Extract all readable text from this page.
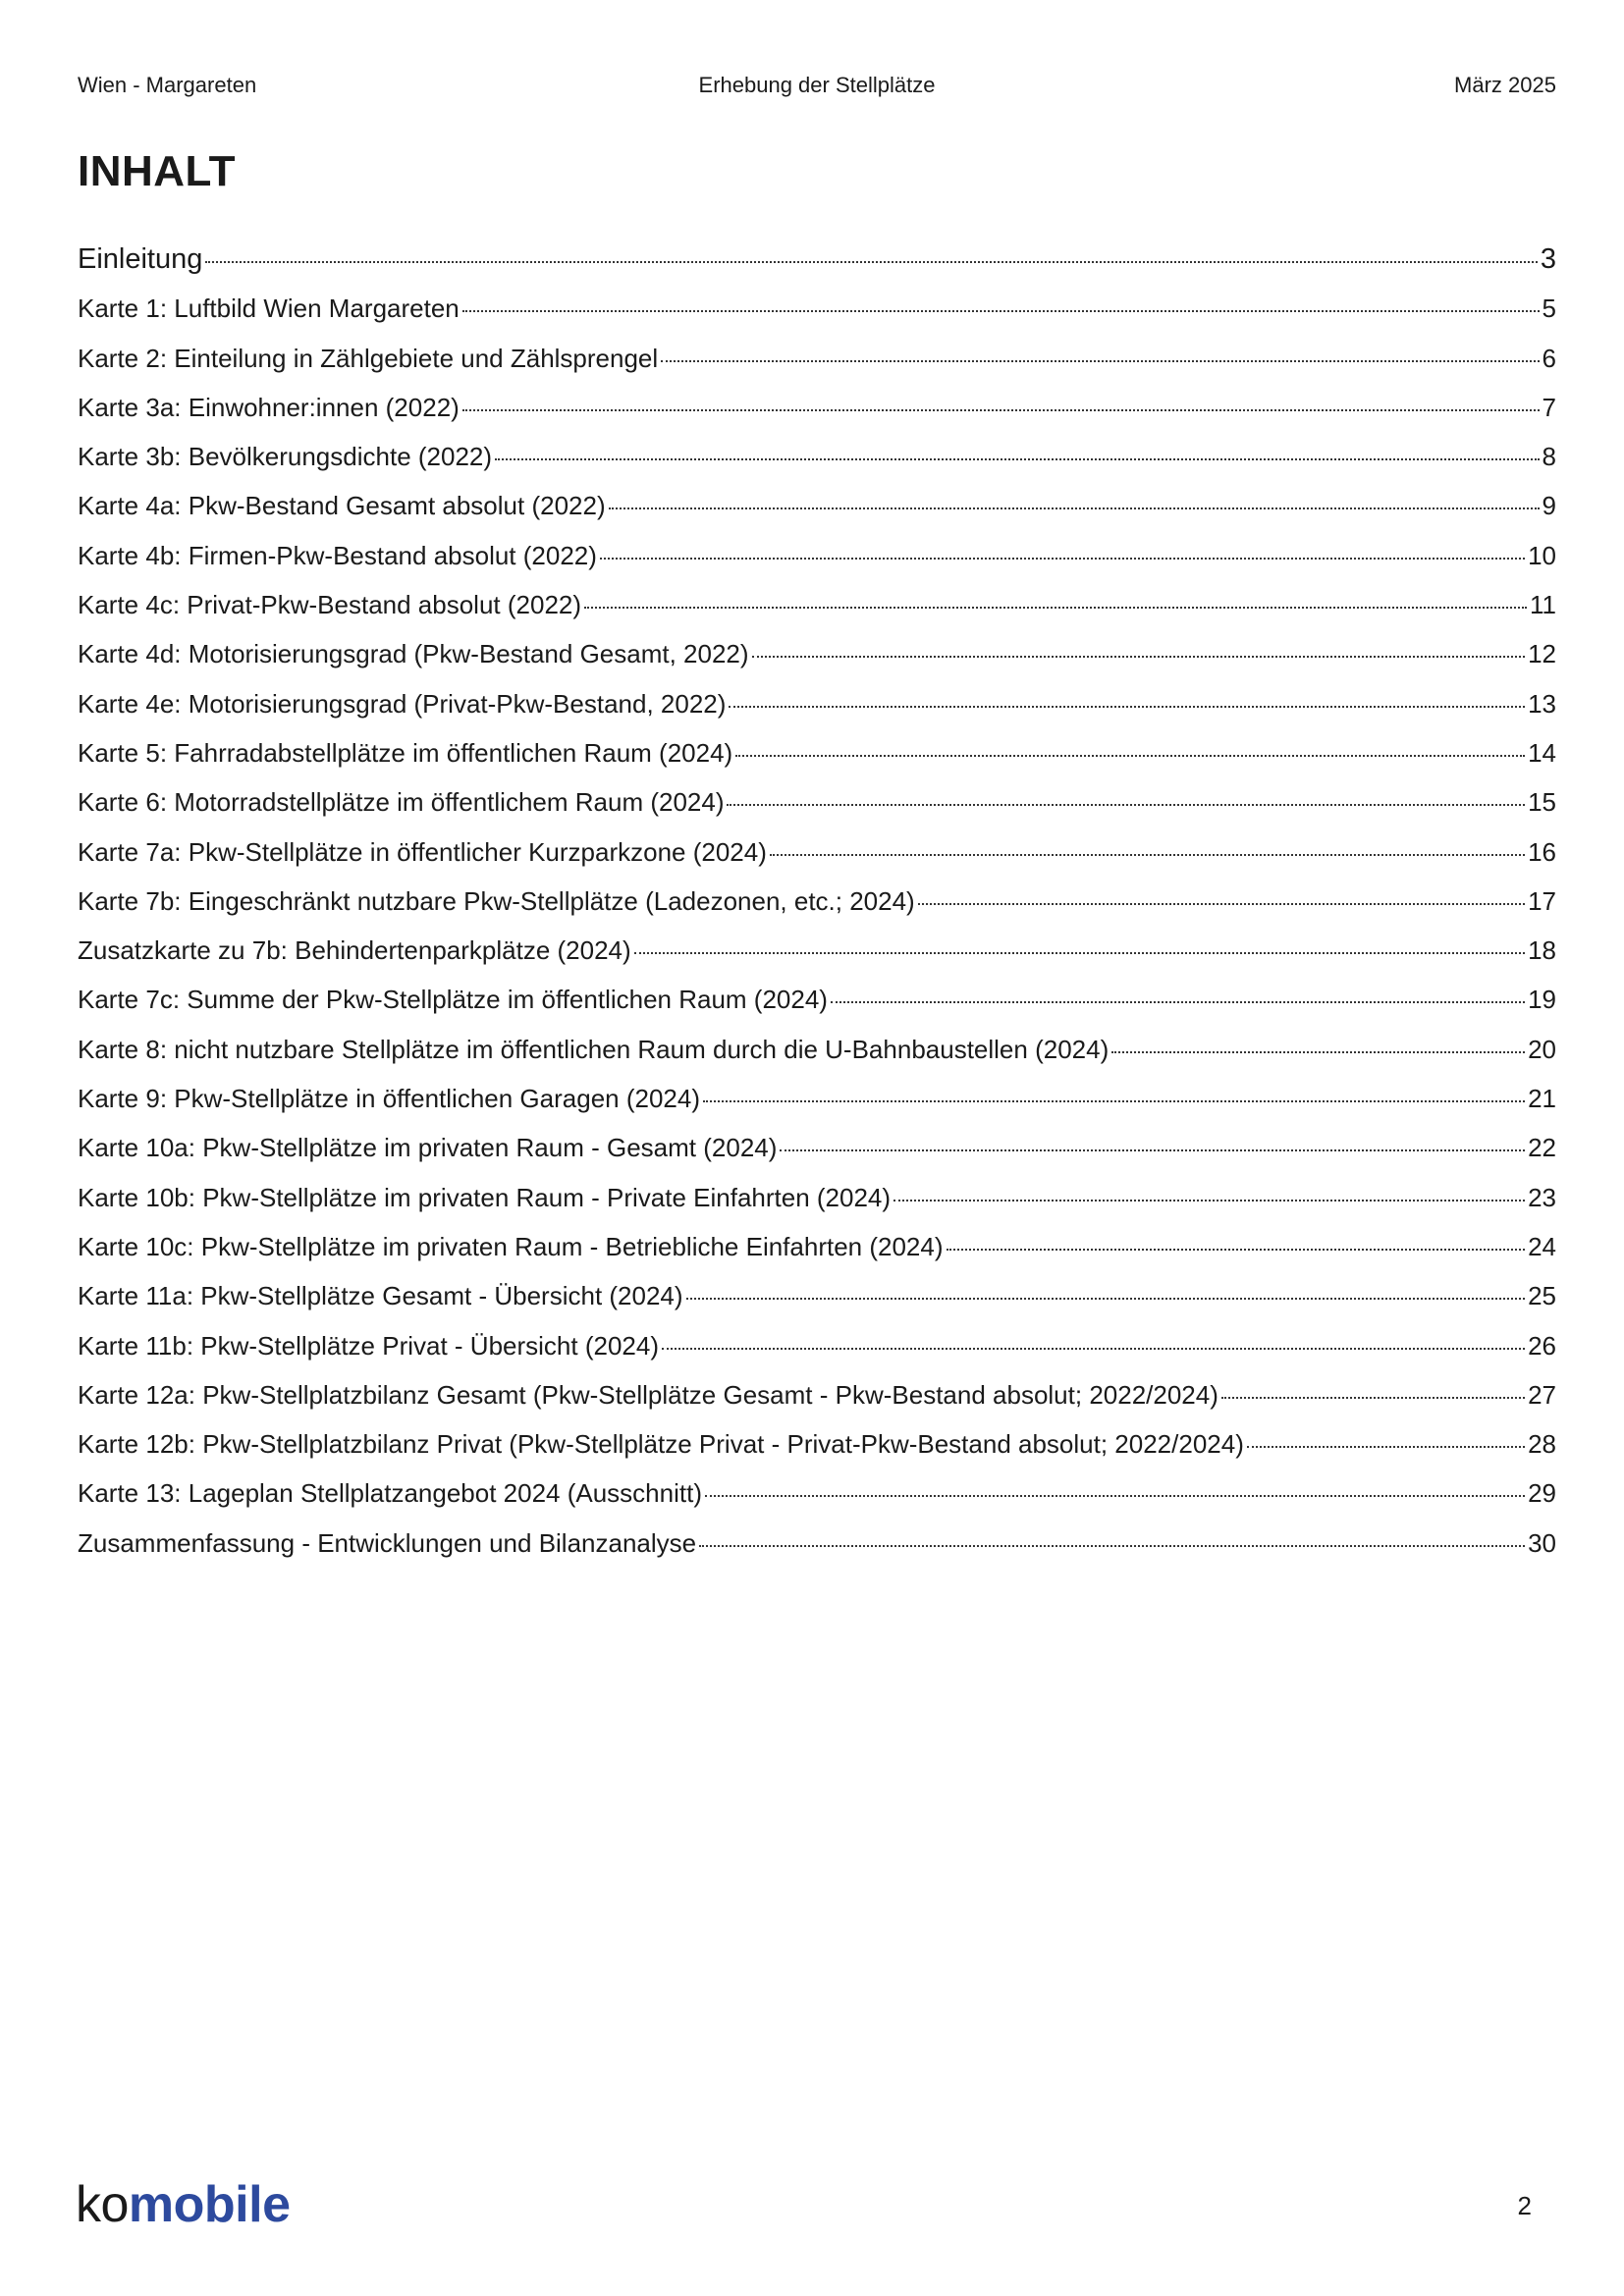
Wien - Margareten	Erhebung der Stellplätze	März 2025
INHALT
Einleitung	3
Karte 1: Luftbild Wien Margareten	5
Karte 2: Einteilung in Zählgebiete und Zählsprengel	6
Karte 3a: Einwohner:innen (2022)	7
Karte 3b: Bevölkerungsdichte (2022)	8
Karte 4a: Pkw-Bestand Gesamt absolut (2022)	9
Karte 4b: Firmen-Pkw-Bestand absolut (2022)	10
Karte 4c: Privat-Pkw-Bestand absolut (2022)	11
Karte 4d: Motorisierungsgrad (Pkw-Bestand Gesamt, 2022)	12
Karte 4e: Motorisierungsgrad (Privat-Pkw-Bestand, 2022)	13
Karte 5: Fahrradabstellplätze im öffentlichen Raum (2024)	14
Karte 6: Motorradstellplätze im öffentlichem Raum (2024)	15
Karte 7a: Pkw-Stellplätze in öffentlicher Kurzparkzone (2024)	16
Karte 7b: Eingeschränkt nutzbare Pkw-Stellplätze (Ladezonen, etc.; 2024)	17
Zusatzkarte zu 7b: Behindertenparkplätze (2024)	18
Karte 7c: Summe der Pkw-Stellplätze im öffentlichen Raum (2024)	19
Karte 8: nicht nutzbare Stellplätze im öffentlichen Raum durch die U-Bahnbaustellen (2024)	20
Karte 9: Pkw-Stellplätze in öffentlichen Garagen (2024)	21
Karte 10a: Pkw-Stellplätze im privaten Raum - Gesamt (2024)	22
Karte 10b: Pkw-Stellplätze im privaten Raum - Private Einfahrten (2024)	23
Karte 10c: Pkw-Stellplätze im privaten Raum - Betriebliche Einfahrten (2024)	24
Karte 11a: Pkw-Stellplätze Gesamt - Übersicht (2024)	25
Karte 11b: Pkw-Stellplätze Privat - Übersicht (2024)	26
Karte 12a: Pkw-Stellplatzbilanz Gesamt (Pkw-Stellplätze Gesamt - Pkw-Bestand absolut; 2022/2024)	27
Karte 12b: Pkw-Stellplatzbilanz Privat (Pkw-Stellplätze Privat - Privat-Pkw-Bestand absolut; 2022/2024)	28
Karte 13: Lageplan Stellplatzangebot 2024 (Ausschnitt)	29
Zusammenfassung - Entwicklungen und Bilanzanalyse	30
komobile	2
